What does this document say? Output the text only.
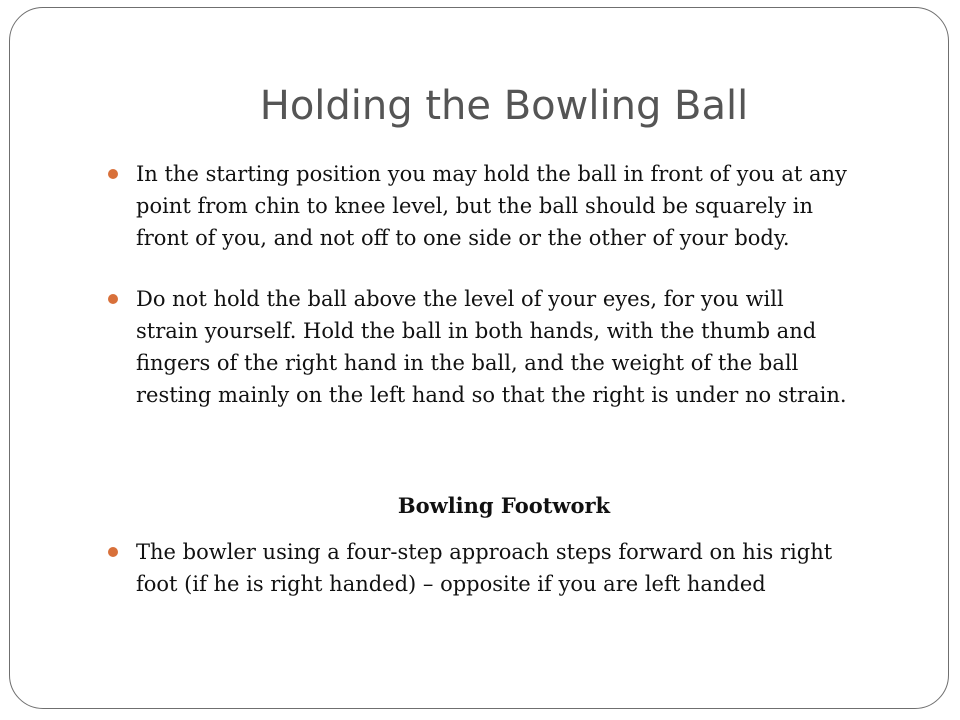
Holding the Bowling Ball
In the starting position you may hold the ball in front of you at any
point from chin to knee level, but the ball should be squarely in
front of you, and not off to one side or the other of your body.
Do not hold the ball above the level of your eyes, for you will
strain yourself. Hold the ball in both hands, with the thumb and
fingers of the right hand in the ball, and the weight of the ball
resting mainly on the left hand so that the right is under no strain.
Bowling Footwork
The bowler using a four-step approach steps forward on his right
foot (if he is right handed) – opposite if you are left handed
